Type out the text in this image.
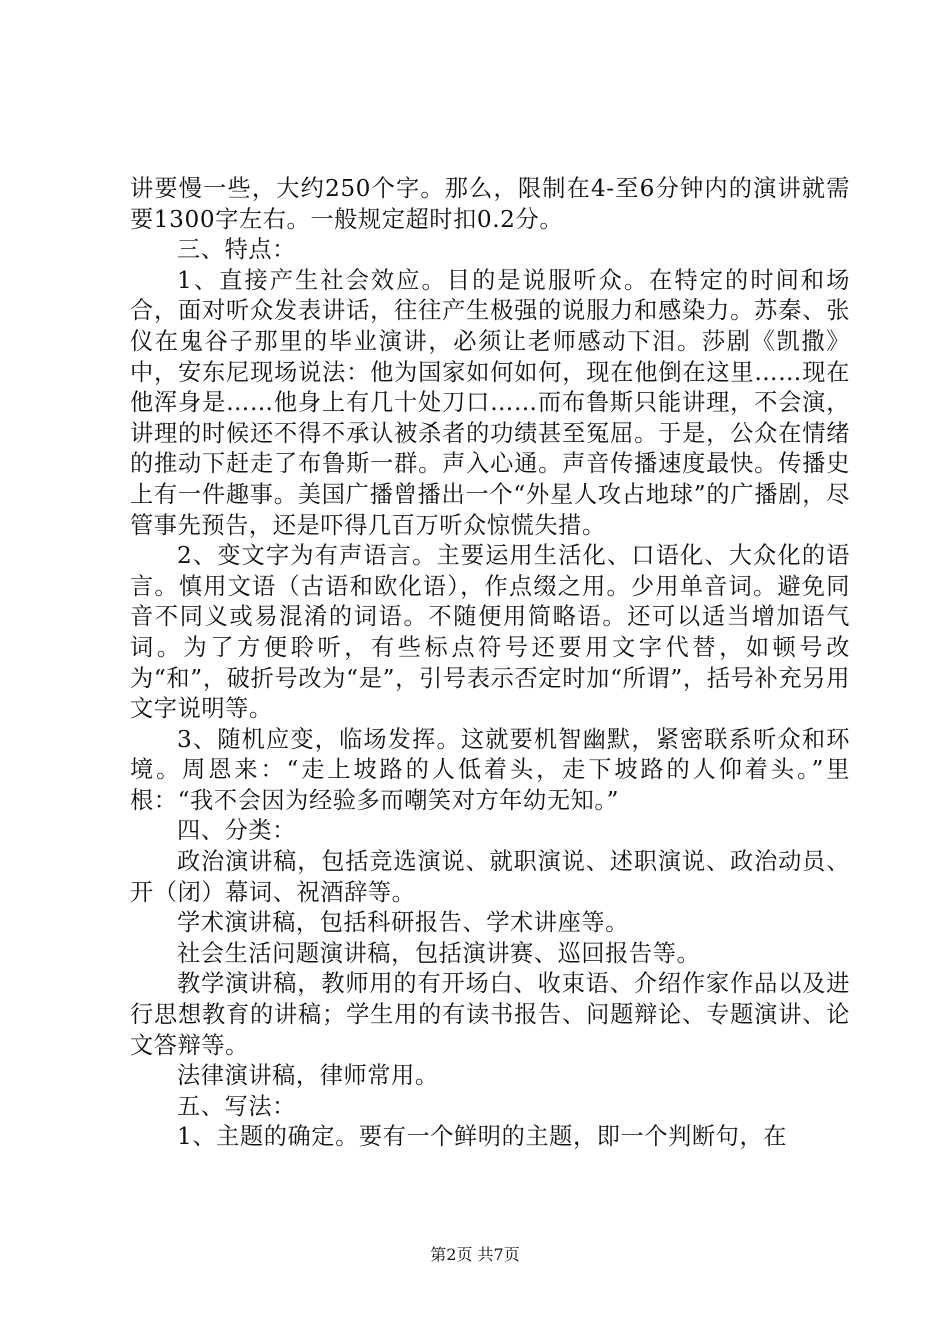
讲要慢一些，大约250个字。那么，限制在4-至6分钟内的演讲就需要1300字左右。一般规定超时扣0.2分。

三、特点：

1、直接产生社会效应。目的是说服听众。在特定的时间和场合，面对听众发表讲话，往往产生极强的说服力和感染力。苏秦、张仪在鬼谷子那里的毕业演讲，必须让老师感动下泪。莎剧《凯撒》中，安东尼现场说法：他为国家如何如何，现在他倒在这里……现在他浑身是……他身上有几十处刀口……而布鲁斯只能讲理，不会演，讲理的时候还不得不承认被杀者的功绩甚至冤屈。于是，公众在情绪的推动下赶走了布鲁斯一群。声入心通。声音传播速度最快。传播史上有一件趣事。美国广播曾播出一个“外星人攻占地球”的广播剧，尽管事先预告，还是吓得几百万听众惊慌失措。

2、变文字为有声语言。主要运用生活化、口语化、大众化的语言。慎用文语（古语和欧化语），作点缀之用。少用单音词。避免同音不同义或易混淆的词语。不随便用简略语。还可以适当增加语气词。为了方便聆听，有些标点符号还要用文字代替，如顿号改为“和”，破折号改为“是”，引号表示否定时加“所谓”，括号补充另用文字说明等。

3、随机应变，临场发挥。这就要机智幽默，紧密联系听众和环境。周恩来：“走上坡路的人低着头，走下坡路的人仰着头。”里根：“我不会因为经验多而嘲笑对方年幼无知。”

四、分类：

政治演讲稿，包括竞选演说、就职演说、述职演说、政治动员、开（闭）幕词、祝酒辞等。

学术演讲稿，包括科研报告、学术讲座等。

社会生活问题演讲稿，包括演讲赛、巡回报告等。

教学演讲稿，教师用的有开场白、收束语、介绍作家作品以及进行思想教育的讲稿；学生用的有读书报告、问题辩论、专题演讲、论文答辩等。

法律演讲稿，律师常用。

五、写法：

1、主题的确定。要有一个鲜明的主题，即一个判断句，在

第2页 共7页
